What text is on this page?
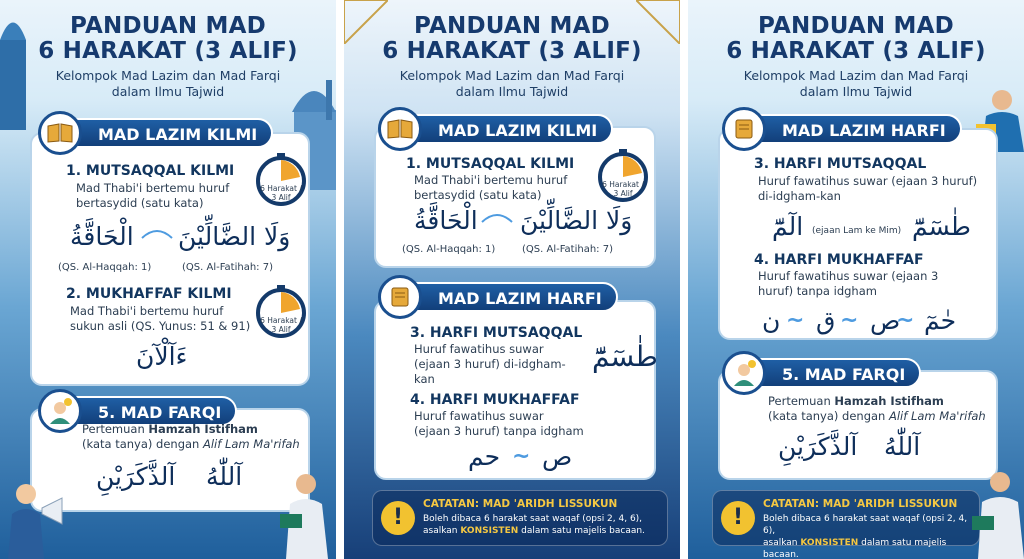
PANDUAN MAD
6 HARAKAT (3 ALIF)
Kelompok Mad Lazim dan Mad Farqi
dalam Ilmu Tajwid
MAD LAZIM KILMI
1. MUTSAQQAL KILMI
Mad Thabi'i bertemu huruf
bertasydid (satu kata)
6 Harakat /
3 Alif
الْحَاقَّةُ وَلَا الضَّالِّيْنَ
(QS. Al-Haqqah: 1)	(QS. Al-Fatihah: 7)
2. MUKHAFFAF KILMI
Mad Thabi'i bertemu huruf
sukun asli (QS. Yunus: 51 & 91) 6 Harakat /
3 Alif
ءَآلْآنَ
5. MAD FARQI
Pertemuan Hamzah Istifham
(kata tanya) dengan Alif Lam Ma'rifah
آلذَّكَرَيْنِ آللّٰهُ
PANDUAN MAD
6 HARAKAT (3 ALIF)
Kelompok Mad Lazim dan Mad Farqi
dalam Ilmu Tajwid
MAD LAZIM KILMI
1. MUTSAQQAL KILMI
Mad Thabi'i bertemu huruf
bertasydid (satu kata)
6 Harakat /
3 Alif
الْحَاقَّةُ وَلَا الضَّالِّيْنَ
(QS. Al-Haqqah: 1)	(QS. Al-Fatihah: 7)
MAD LAZIM HARFI
3. HARFI MUTSAQQAL
Huruf fawatihus suwar
(ejaan 3 huruf) di-idgham-
kan
طٰسٓمّٓ
4. HARFI MUKHAFFAF
Huruf fawatihus suwar
(ejaan 3 huruf) tanpa idgham
حم ~ ص
!
CATATAN: MAD 'ARIDH LISSUKUN
Boleh dibaca 6 harakat saat waqaf (opsi 2, 4, 6),
asalkan KONSISTEN dalam satu majelis bacaan.
PANDUAN MAD
6 HARAKAT (3 ALIF)
Kelompok Mad Lazim dan Mad Farqi
dalam Ilmu Tajwid
MAD LAZIM HARFI
3. HARFI MUTSAQQAL
Huruf fawatihus suwar (ejaan 3 huruf)
di-idgham-kan
الٓمّٓ (ejaan Lam ke Mim) طٰسٓمّٓ
4. HARFI MUKHAFFAF
Huruf fawatihus suwar (ejaan 3
huruf) tanpa idgham
ن ~ ق ~ ص
~ حٰمٓ
5. MAD FARQI
Pertemuan Hamzah Istifham
(kata tanya) dengan Alif Lam Ma'rifah
آلذَّكَرَيْنِ آللّٰهُ
!
CATATAN: MAD 'ARIDH LISSUKUN
Boleh dibaca 6 harakat saat waqaf (opsi 2, 4, 6),
asalkan KONSISTEN dalam satu majelis bacaan.
